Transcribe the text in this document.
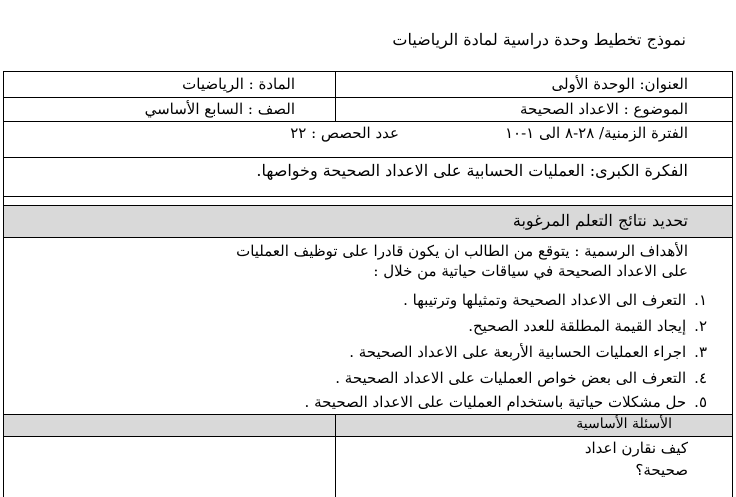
نموذج تخطيط وحدة دراسية لمادة الرياضيات
العنوان: الوحدة الأولى
المادة : الرياضيات
الموضوع : الاعداد الصحيحة
الصف : السابع الأساسي
الفترة الزمنية/ ٢٨-٨ الى ١-١٠
عدد الحصص : ٢٢
الفكرة الكبرى: العمليات الحسابية على الاعداد الصحيحة وخواصها.
تحديد نتائج التعلم المرغوبة
الأهداف الرسمية : يتوقع من الطالب ان يكون قادرا على توظيف العمليات
على الاعداد الصحيحة في سياقات حياتية من خلال :
١.التعرف الى الاعداد الصحيحة وتمثيلها وترتيبها .
٢.إيجاد القيمة المطلقة للعدد الصحيح.
٣.اجراء العمليات الحسابية الأربعة على الاعداد الصحيحة .
٤.التعرف الى بعض خواص العمليات على الاعداد الصحيحة .
٥.حل مشكلات حياتية باستخدام العمليات على الاعداد الصحيحة .
الأسئلة الأساسية
كيف نقارن اعداد
صحيحة؟
